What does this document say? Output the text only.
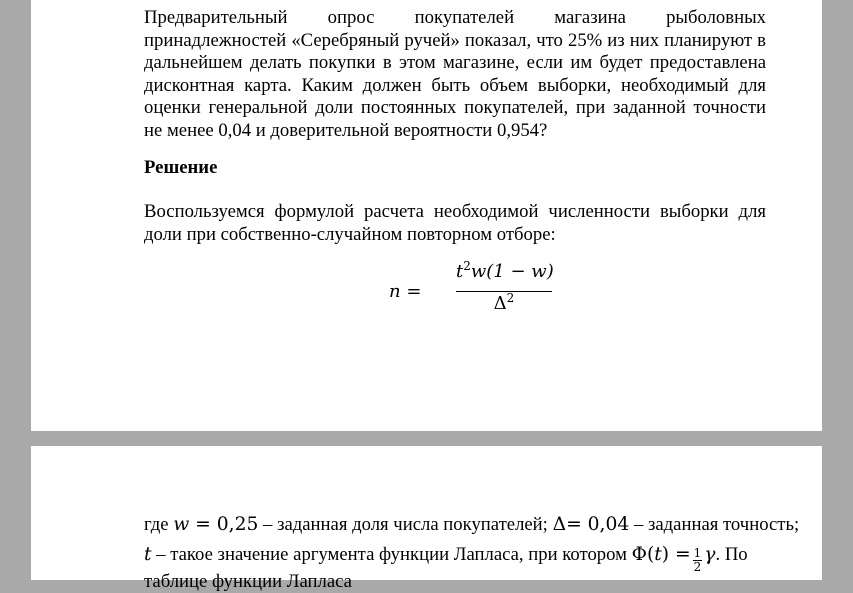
Предварительный опрос покупателей магазина рыболовных принадлежностей «Серебряный ручей» показал, что 25% из них планируют в дальнейшем делать покупки в этом магазине, если им будет предоставлена дисконтная карта. Каким должен быть объем выборки, необходимый для оценки генеральной доли постоянных покупателей, при заданной точности не менее 0,04 и доверительной вероятности 0,954?

Решение

Воспользуемся формулой расчета необходимой численности выборки для доли при собственно-случайном повторном отборе:

n =
$t^2w(1 - w)$
$\Delta^2$
где w = 0,25 – заданная доля числа покупателей; Δ= 0,04 – заданная точность;
t – такое значение аргумента функции Лапласа, при котором $\Phi(t) = \frac{1}{2} \gamma$. По
таблице функции Лапласа
